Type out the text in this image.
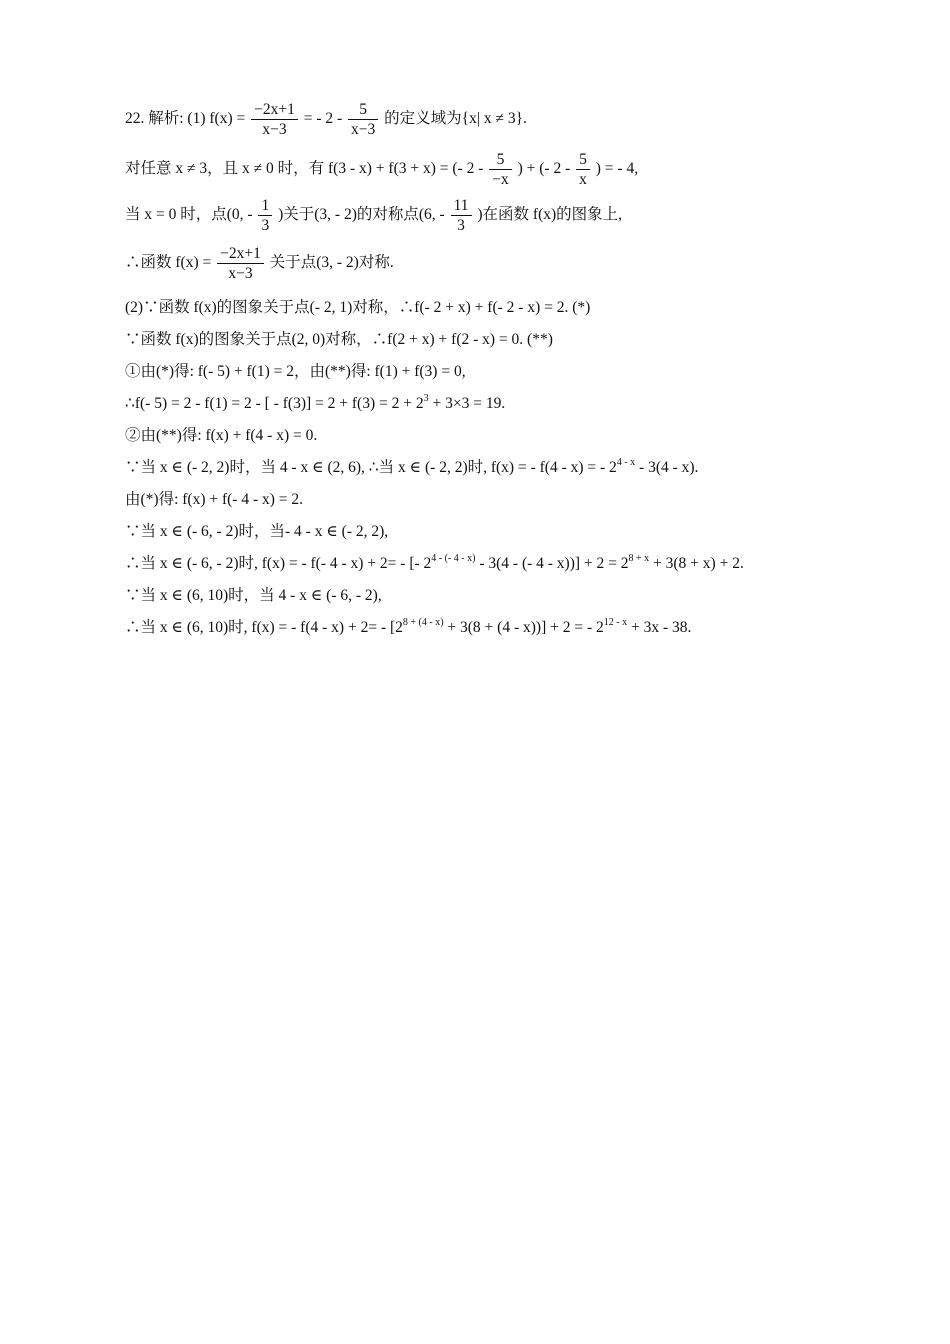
22. 解析: (1) $f(x) = \frac{-2x+1}{x-3}$ = - $2 - \frac{5}{x-3}$ 的定义域为{x| x ≠ 3}.
对任意 x ≠ 3，且 x ≠ 0 时，有 f(3 - x) + f(3 + x) = (- $2 - \frac{5}{-x}$ ) + (- $2 - \frac{5}{x}$ ) = - 4,
当 x = 0 时，点(0, - $\frac{1}{3}$ )关于(3, - 2)的对称点(6, - $\frac{11}{3}$ )在函数 f(x)的图象上,
∴函数 $f(x) = \frac{-2x+1}{x-3}$ 关于点(3, - 2)对称.
(2)∵函数 f(x)的图象关于点(- 2, 1)对称，∴f(- 2 + x) + f(- 2 - x) = 2. (*)
∵函数 f(x)的图象关于点(2, 0)对称，∴f(2 + x) + f(2 - x) = 0. (**)
①由(*)得: f(- 5) + f(1) = 2，由(**)得: f(1) + f(3) = 0,
∴f(- 5) = 2 - f(1) = 2 - [ - $f(3)] = 2 + f(3) = 2 + 2^3 + 3\times 3 = 19$.
②由(**)得: f(x) + f(4 - x) = 0.
∵当 x ∈ (- 2, 2)时，当 4 - x ∈ (2, 6), ∴当 x ∈ (- 2, 2)时, f(x) = - f(4 - x) = - 2$^{4 - x}$ - 3(4 - x).
由(*)得: f(x) + f(- 4 - x) = 2.
∵当 x ∈ (- 6, - 2)时，当- 4 - x ∈ (- 2, 2),
∴当 x ∈ (- 6, - 2)时, f(x) = - f(- 4 - x) + 2= - [- $2^{4 - (- 4 - x)} - 3(4$ - (- $4 - x))] + 2 = 2^{8 + x} + 3(8 + x) + 2$.
∵当 x ∈ (6, 10)时，当 4 - x ∈ (- 6, - 2),
∴当 x ∈ (6, 10)时, f(x) = - $f(4 - x) + 2= - [2^{8 + (4 - x)} + 3(8 + (4 - x))] + 2$ = - $2^{12 - x} + 3x - 38$.
